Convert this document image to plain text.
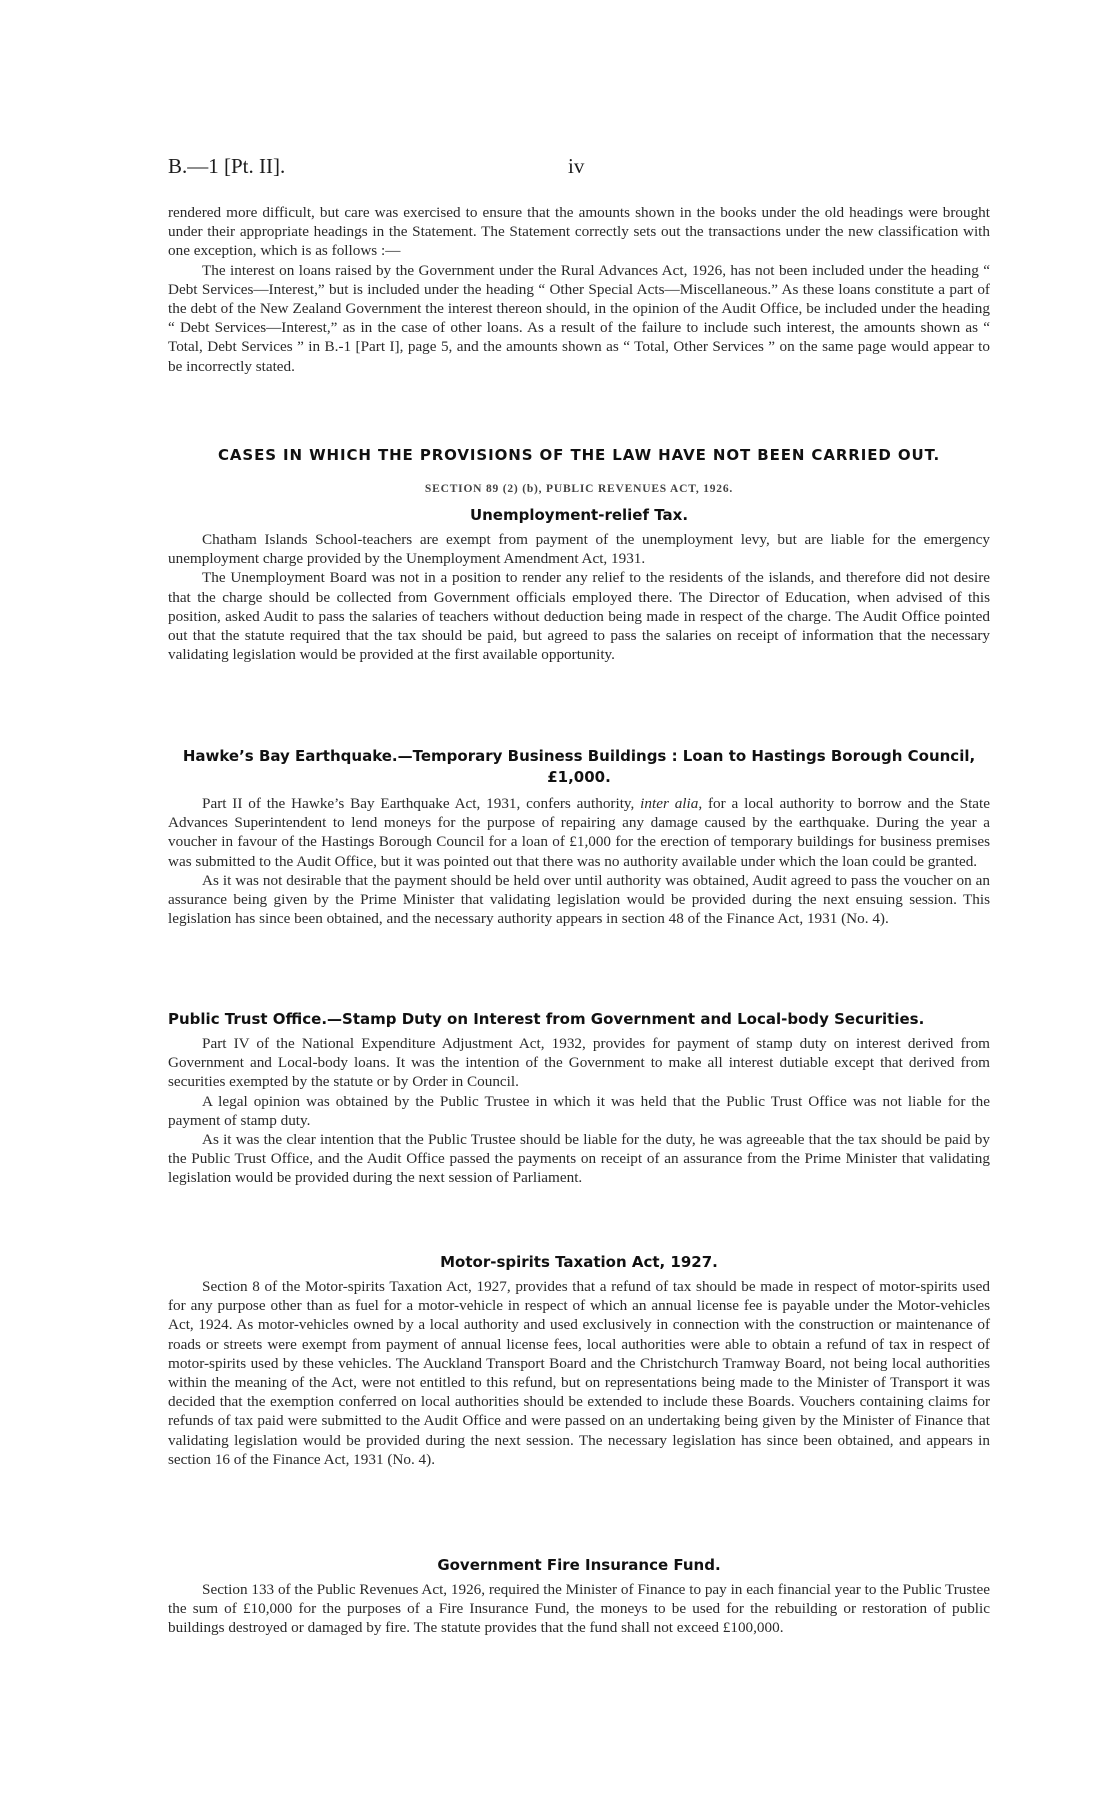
B.—1 [Pt. II].	iv

rendered more difficult, but care was exercised to ensure that the amounts shown in the books under the old headings were brought under their appropriate headings in the Statement. The Statement correctly sets out the transactions under the new classification with one exception, which is as follows :—

The interest on loans raised by the Government under the Rural Advances Act, 1926, has not been included under the heading “ Debt Services—Interest,” but is included under the heading “ Other Special Acts—Miscellaneous.” As these loans constitute a part of the debt of the New Zealand Government the interest thereon should, in the opinion of the Audit Office, be included under the heading “ Debt Services—Interest,” as in the case of other loans. As a result of the failure to include such interest, the amounts shown as “ Total, Debt Services ” in B.-1 [Part I], page 5, and the amounts shown as “ Total, Other Services ” on the same page would appear to be incorrectly stated.

CASES IN WHICH THE PROVISIONS OF THE LAW HAVE NOT BEEN CARRIED OUT.
SECTION 89 (2) (b), PUBLIC REVENUES ACT, 1926.
Unemployment-relief Tax.

Chatham Islands School-teachers are exempt from payment of the unemployment levy, but are liable for the emergency unemployment charge provided by the Unemployment Amendment Act, 1931.

The Unemployment Board was not in a position to render any relief to the residents of the islands, and therefore did not desire that the charge should be collected from Government officials employed there. The Director of Education, when advised of this position, asked Audit to pass the salaries of teachers without deduction being made in respect of the charge. The Audit Office pointed out that the statute required that the tax should be paid, but agreed to pass the salaries on receipt of information that the necessary validating legislation would be provided at the first available opportunity.

Hawke’s Bay Earthquake.—Temporary Business Buildings : Loan to Hastings Borough Council, £1,000.

Part II of the Hawke’s Bay Earthquake Act, 1931, confers authority, inter alia, for a local authority to borrow and the State Advances Superintendent to lend moneys for the purpose of repairing any damage caused by the earthquake. During the year a voucher in favour of the Hastings Borough Council for a loan of £1,000 for the erection of temporary buildings for business premises was submitted to the Audit Office, but it was pointed out that there was no authority available under which the loan could be granted.

As it was not desirable that the payment should be held over until authority was obtained, Audit agreed to pass the voucher on an assurance being given by the Prime Minister that validating legislation would be provided during the next ensuing session. This legislation has since been obtained, and the necessary authority appears in section 48 of the Finance Act, 1931 (No. 4).

Public Trust Office.—Stamp Duty on Interest from Government and Local-body Securities.

Part IV of the National Expenditure Adjustment Act, 1932, provides for payment of stamp duty on interest derived from Government and Local-body loans. It was the intention of the Government to make all interest dutiable except that derived from securities exempted by the statute or by Order in Council.

A legal opinion was obtained by the Public Trustee in which it was held that the Public Trust Office was not liable for the payment of stamp duty.

As it was the clear intention that the Public Trustee should be liable for the duty, he was agreeable that the tax should be paid by the Public Trust Office, and the Audit Office passed the payments on receipt of an assurance from the Prime Minister that validating legislation would be provided during the next session of Parliament.

Motor-spirits Taxation Act, 1927.

Section 8 of the Motor-spirits Taxation Act, 1927, provides that a refund of tax should be made in respect of motor-spirits used for any purpose other than as fuel for a motor-vehicle in respect of which an annual license fee is payable under the Motor-vehicles Act, 1924. As motor-vehicles owned by a local authority and used exclusively in connection with the construction or maintenance of roads or streets were exempt from payment of annual license fees, local authorities were able to obtain a refund of tax in respect of motor-spirits used by these vehicles. The Auckland Transport Board and the Christchurch Tramway Board, not being local authorities within the meaning of the Act, were not entitled to this refund, but on representations being made to the Minister of Transport it was decided that the exemption conferred on local authorities should be extended to include these Boards. Vouchers containing claims for refunds of tax paid were submitted to the Audit Office and were passed on an undertaking being given by the Minister of Finance that validating legislation would be provided during the next session. The necessary legislation has since been obtained, and appears in section 16 of the Finance Act, 1931 (No. 4).

Government Fire Insurance Fund.

Section 133 of the Public Revenues Act, 1926, required the Minister of Finance to pay in each financial year to the Public Trustee the sum of £10,000 for the purposes of a Fire Insurance Fund, the moneys to be used for the rebuilding or restoration of public buildings destroyed or damaged by fire. The statute provides that the fund shall not exceed £100,000.
